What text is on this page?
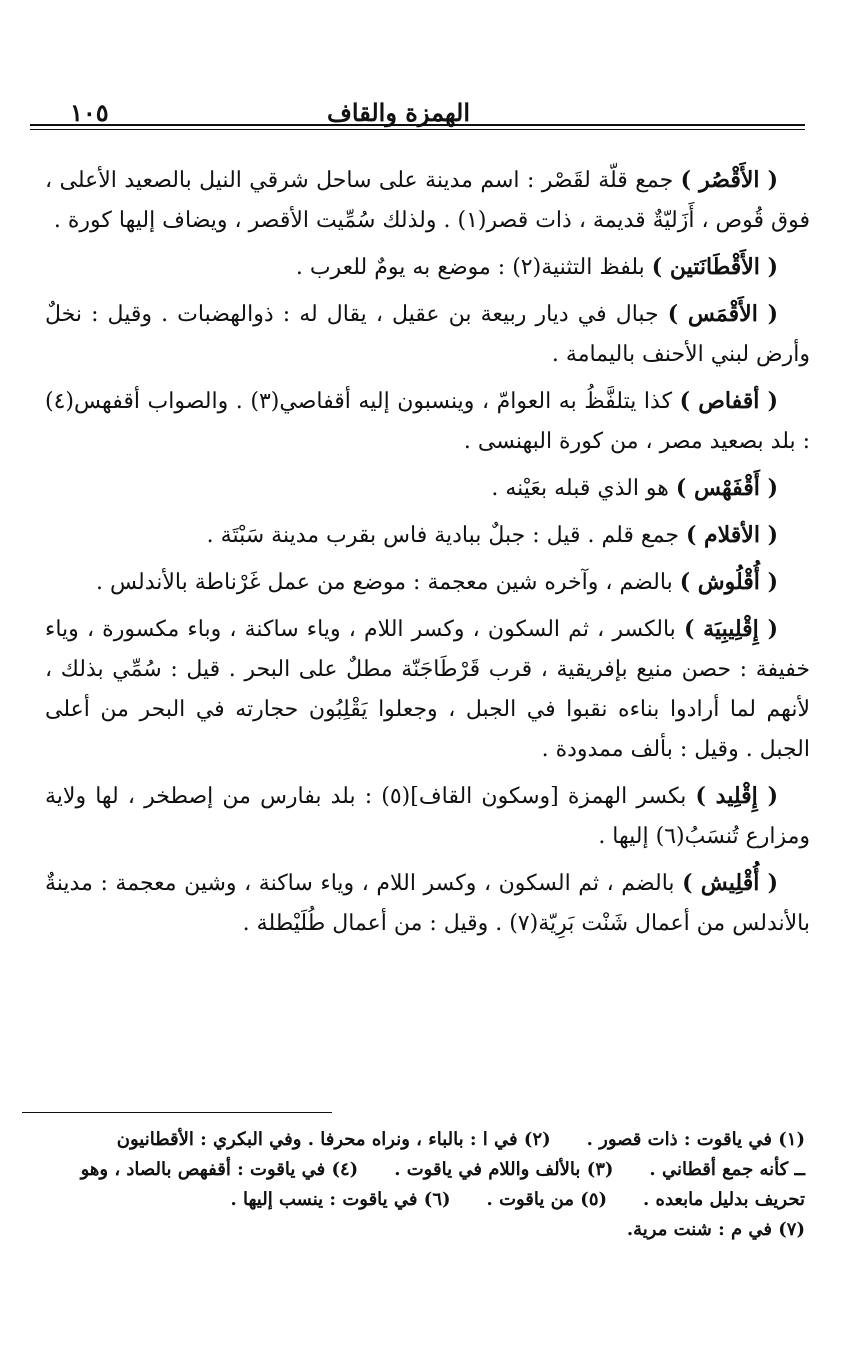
الهمزة والقاف
١٠٥

( الأَقْصُر ) جمع قلّة لقَصْر : اسم مدينة على ساحل شرقي النيل بالصعيد الأعلى ، فوق قُوص ، أَزَليّةٌ قديمة ، ذات قصر(١) . ولذلك سُمِّيت الأقصر ، ويضاف إليها كورة .

( الأَقْطَانَتين ) بلفظ التثنية(٢) : موضع به يومٌ للعرب .

( الأَقْمَس ) جبال في ديار ربيعة بن عقيل ، يقال له : ذوالهضبات . وقيل : نخلٌ وأرض لبني الأحنف باليمامة .

( أقفاص ) كذا يتلفَّظُ به العوامّ ، وينسبون إليه أقفاصي(٣) . والصواب أقفهس(٤) : بلد بصعيد مصر ، من كورة البهنسى .

( أَقْفَهْس ) هو الذي قبله بعَيْنه .

( الأقلام ) جمع قلم . قيل : جبلٌ ببادية فاس بقرب مدينة سَبْتَة .

( أُقْلُوش ) بالضم ، وآخره شين معجمة : موضع من عمل غَرْناطة بالأندلس .

( إِقْلِيبِيَة ) بالكسر ، ثم السكون ، وكسر اللام ، وياء ساكنة ، وباء مكسورة ، وياء خفيفة : حصن منيع بإفريقية ، قرب قَرْطَاجَنّة مطلٌ على البحر . قيل : سُمِّي بذلك ، لأنهم لما أرادوا بناءه نقبوا في الجبل ، وجعلوا يَقْلِبُون حجارته في البحر من أعلى الجبل . وقيل : بألف ممدودة .

( إِقْلِيد ) بكسر الهمزة [وسكون القاف](٥) : بلد بفارس من إصطخر ، لها ولاية ومزارع تُنسَبُ(٦) إليها .

( أُقْلِيش ) بالضم ، ثم السكون ، وكسر اللام ، وياء ساكنة ، وشين معجمة : مدينةٌ بالأندلس من أعمال شَنْت بَرِيّة(٧) . وقيل : من أعمال طُلَيْطلة .

(١) في ياقوت : ذات قصور .(٢) في ا : بالباء ، ونراه محرفا . وفي البكري : الأقطانيون
ــ كأنه جمع أقطاني .(٣) بالألف واللام في ياقوت .(٤) في ياقوت : أقفهص بالصاد ، وهو
تحريف بدليل مابعده .(٥) من ياقوت .(٦) في ياقوت : ينسب إليها .
(٧) في م : شنت مرية.
